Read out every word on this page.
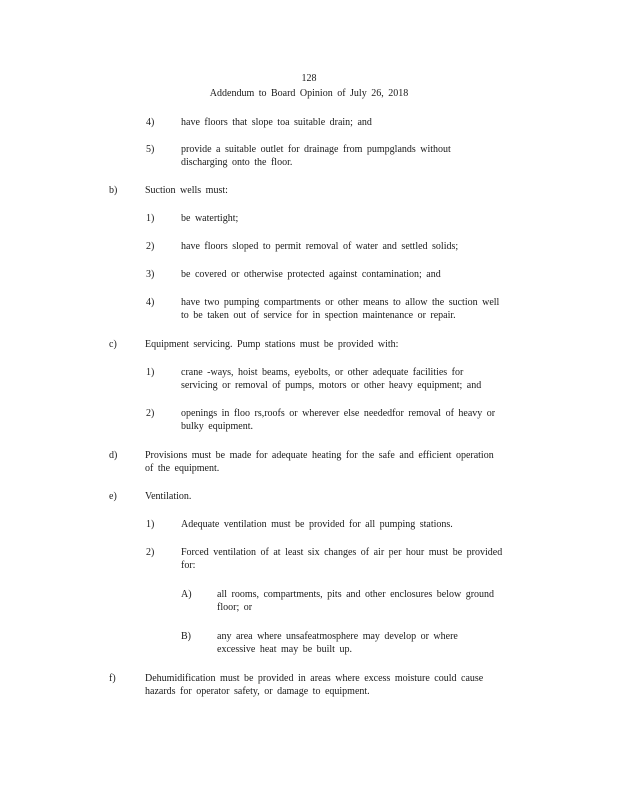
128
Addendum to Board Opinion of July 26, 2018
4)	have floors that slope toa suitable drain; and
5)	provide a suitable outlet for drainage from pumpglands without
discharging onto the floor.
b)	Suction wells must:
1)	be watertight;
2)	have floors sloped to permit removal of water and settled solids;
3)	be covered or otherwise protected against contamination; and
4)	have two pumping compartments or other means to allow the suction well
to be taken out of service for in spection maintenance or repair.
c)	Equipment servicing. Pump stations must be provided with:
1)	crane -ways, hoist beams, eyebolts, or other adequate facilities for
servicing or removal of pumps, motors or other heavy equipment; and
2)	openings in floo rs,roofs or wherever else neededfor removal of heavy or
bulky equipment.
d)	Provisions must be made for adequate heating for the safe and efficient operation
of the equipment.
e)	Ventilation.
1)	Adequate ventilation must be provided for all pumping stations.
2)	Forced ventilation of at least six changes of air per hour must be provided
for:
A)	all rooms, compartments, pits and other enclosures below ground
floor; or
B)	any area where unsafeatmosphere may develop or where
excessive heat may be built up.
f)	Dehumidification must be provided in areas where excess moisture could cause
hazards for operator safety, or damage to equipment.
